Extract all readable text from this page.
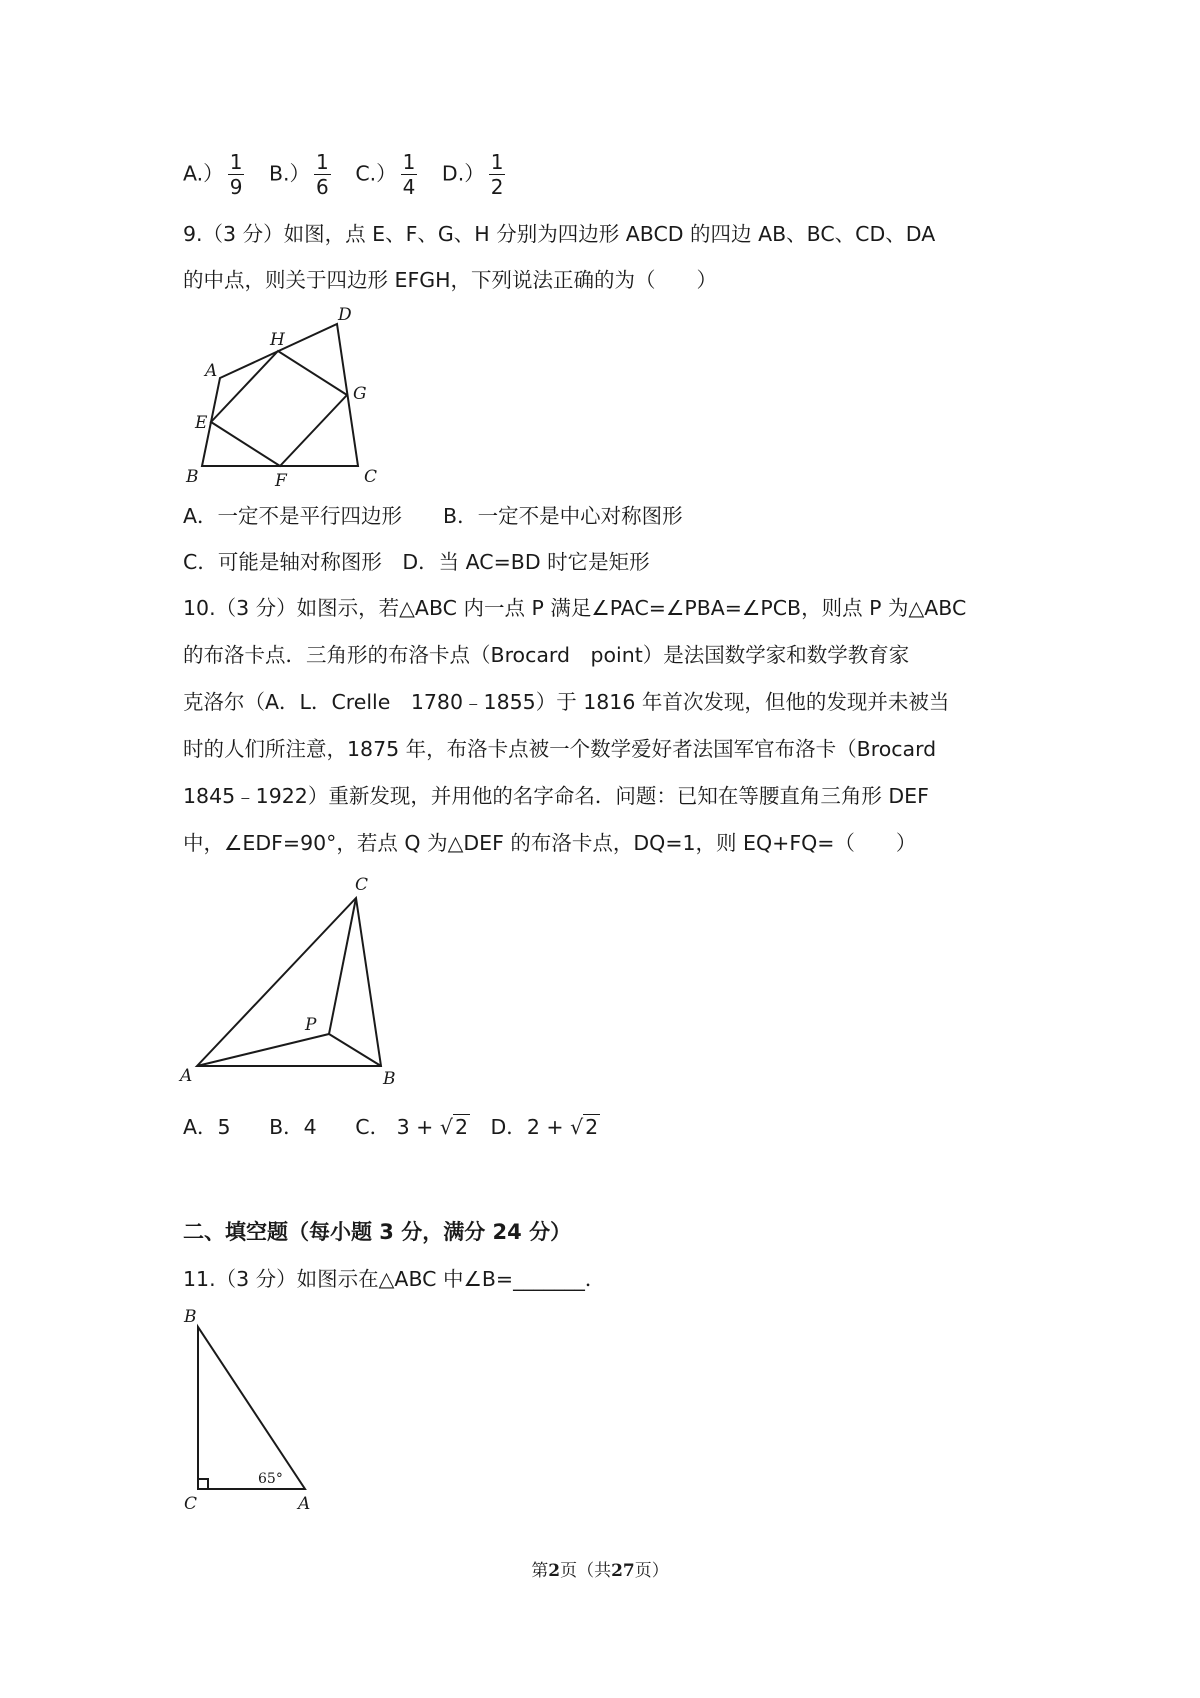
$A.) \frac{1}{9} B.) \frac{1}{6} C.) \frac{1}{4} D.) \frac{1}{2}$
9.（3 分）如图，点 E、F、G、H 分别为四边形 ABCD 的四边 AB、BC、CD、DA
的中点，则关于四边形 EFGH，下列说法正确的为（　　）
A
B	C
D
E
F
G
H
A．一定不是平行四边形　　B．一定不是中心对称图形
C．可能是轴对称图形　D．当 AC=BD 时它是矩形
10.（3 分）如图示，若△ABC 内一点 P 满足∠PAC=∠PBA=∠PCB，则点 P 为△ABC
的布洛卡点．三角形的布洛卡点（Brocard　point）是法国数学家和数学教育家
克洛尔（A．L．Crelle　1780﹣1855）于 1816 年首次发现，但他的发现并未被当
时的人们所注意，1875 年，布洛卡点被一个数学爱好者法国军官布洛卡（Brocard
1845﹣1922）重新发现，并用他的名字命名．问题：已知在等腰直角三角形 DEF
中，∠EDF=90°，若点 Q 为△DEF 的布洛卡点，DQ=1，则 EQ+FQ=（　　）
A	B
C
P
A．5 B．4 C． 3 + √2 D．2 + √2
二、填空题（每小题 3 分，满分 24 分）
11.（3 分）如图示在△ABC 中∠B=_______．
B
C	A
65°
第2页（共27页）
